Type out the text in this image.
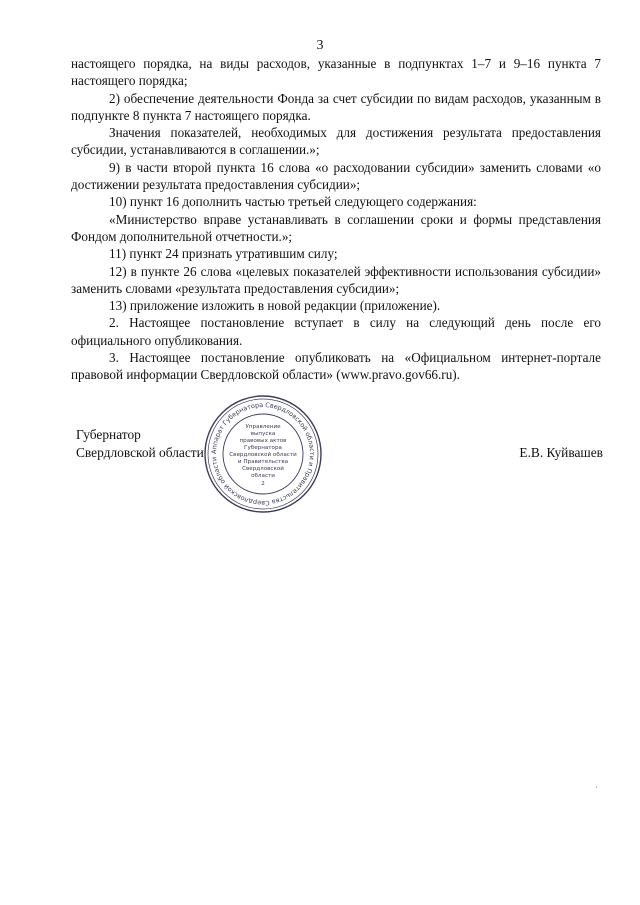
3

настоящего порядка, на виды расходов, указанные в подпунктах 1–7 и 9–16 пункта 7 настоящего порядка;

2) обеспечение деятельности Фонда за счет субсидии по видам расходов, указанным в подпункте 8 пункта 7 настоящего порядка.

Значения показателей, необходимых для достижения результата предоставления субсидии, устанавливаются в соглашении.»;

9) в части второй пункта 16 слова «о расходовании субсидии» заменить словами «о достижении результата предоставления субсидии»;

10) пункт 16 дополнить частью третьей следующего содержания:

«Министерство вправе устанавливать в соглашении сроки и формы представления Фондом дополнительной отчетности.»;

11) пункт 24 признать утратившим силу;

12) в пункте 26 слова «целевых показателей эффективности использования субсидии» заменить словами «результата предоставления субсидии»;

13) приложение изложить в новой редакции (приложение).

2. Настоящее постановление вступает в силу на следующий день после его официального опубликования.

3. Настоящее постановление опубликовать на «Официальном интернет-портале правовой информации Свердловской области» (www.pravo.gov66.ru).

Губернатор
Свердловской области Аппарат Губернатора Свердловской области и Правительства Свердловской области
Управление
выпуска
правовых актов
Губернатора
Свердловской области
и Правительства
Свердловской
области
2
Е.В. Куйвашев
